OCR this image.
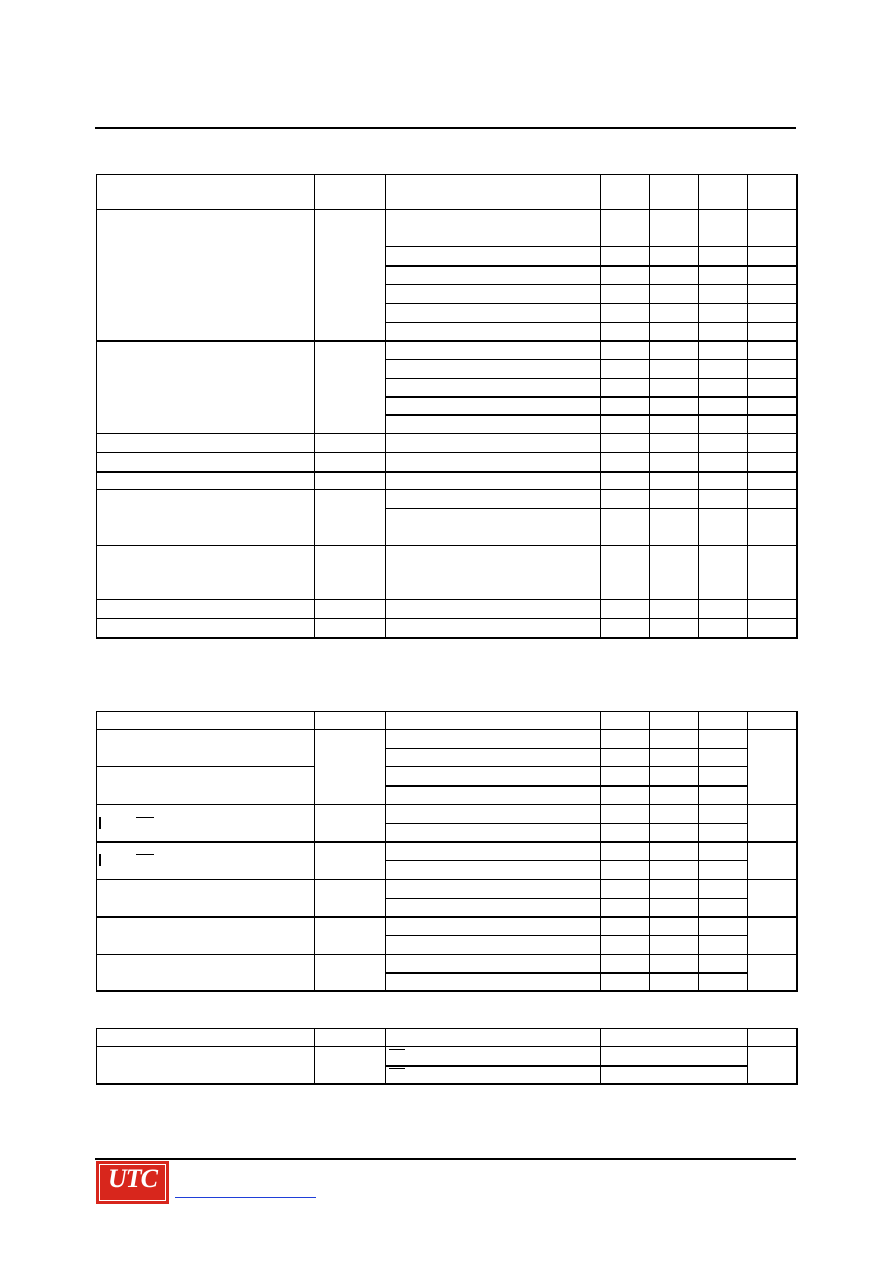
UTC
